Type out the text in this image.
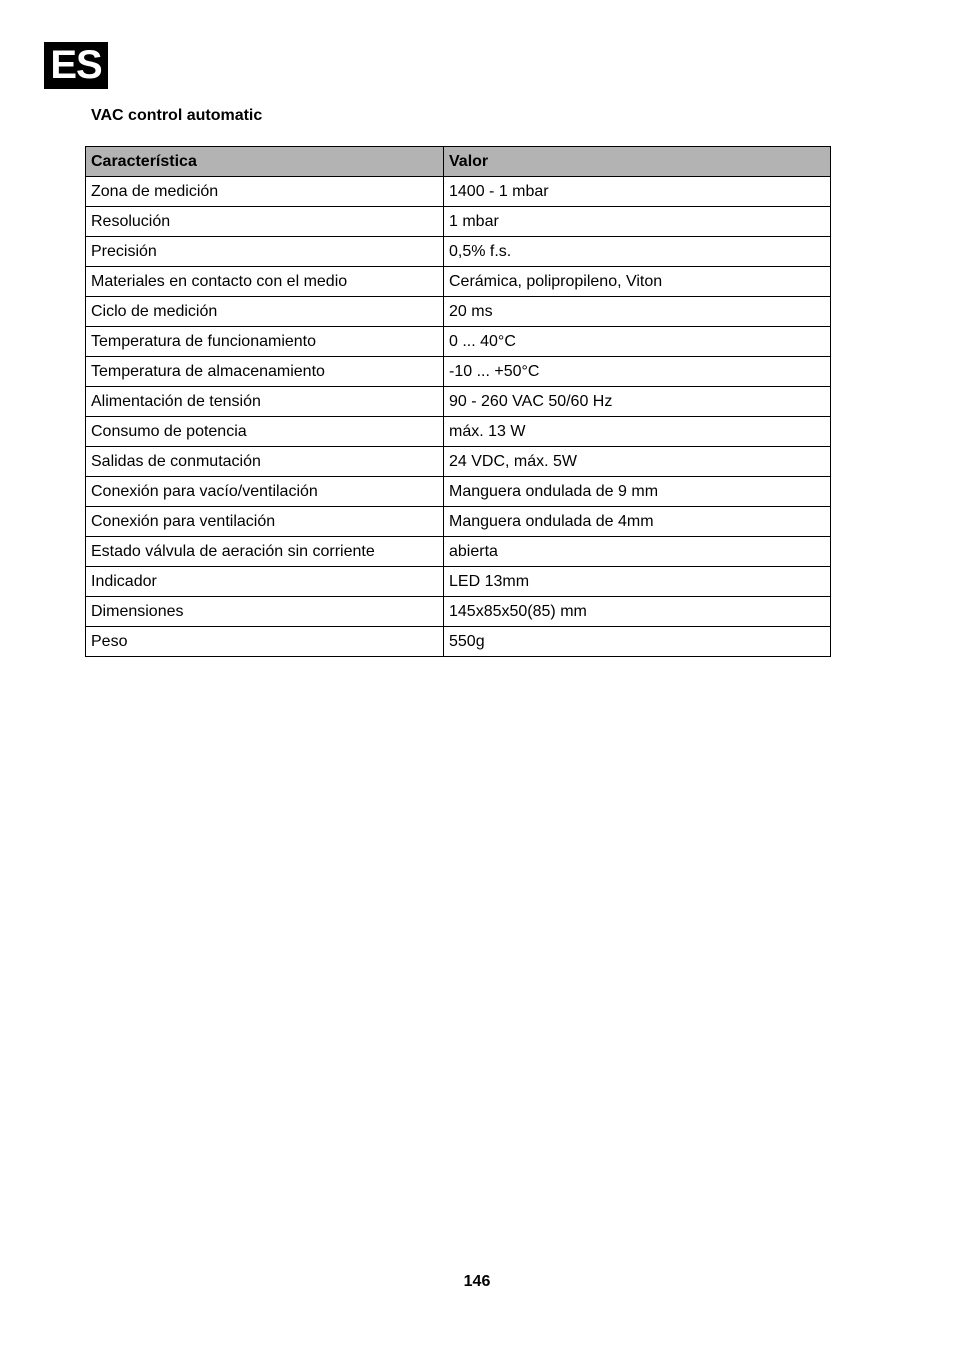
ES
VAC control automatic
Característica	Valor
Zona de medición	1400 - 1 mbar
Resolución	1 mbar
Precisión	0,5% f.s.
Materiales en contacto con el medio	Cerámica, polipropileno, Viton
Ciclo de medición	20 ms
Temperatura de funcionamiento	0 ... 40°C
Temperatura de almacenamiento	-10 ... +50°C
Alimentación de tensión	90 - 260 VAC 50/60 Hz
Consumo de potencia	máx. 13 W
Salidas de conmutación	24 VDC, máx. 5W
Conexión para vacío/ventilación	Manguera ondulada de 9 mm
Conexión para ventilación	Manguera ondulada de 4mm
Estado válvula de aeración sin corriente	abierta
Indicador	LED 13mm
Dimensiones	145x85x50(85) mm
Peso	550g
146
